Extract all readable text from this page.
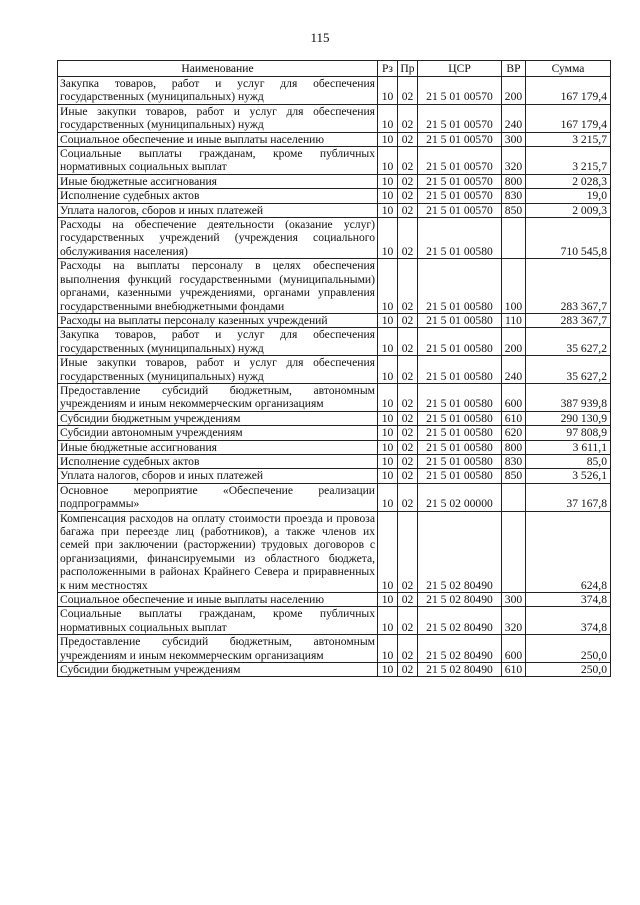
115
Наименование	Рз	Пр	ЦСР	ВР	Сумма
Закупка товаров, работ и услуг для обеспечения государственных (муниципальных) нужд	10	02	21 5 01 00570	200	167 179,4
Иные закупки товаров, работ и услуг для обеспечения государственных (муниципальных) нужд	10	02	21 5 01 00570	240	167 179,4
Социальное обеспечение и иные выплаты населению	10	02	21 5 01 00570	300	3 215,7
Социальные выплаты гражданам, кроме публичных нормативных социальных выплат	10	02	21 5 01 00570	320	3 215,7
Иные бюджетные ассигнования	10	02	21 5 01 00570	800	2 028,3
Исполнение судебных актов	10	02	21 5 01 00570	830	19,0
Уплата налогов, сборов и иных платежей	10	02	21 5 01 00570	850	2 009,3
Расходы на обеспечение деятельности (оказание услуг) государственных учреждений (учреждения социального обслуживания населения)	10	02	21 5 01 00580		710 545,8
Расходы на выплаты персоналу в целях обеспечения выполнения функций государственными (муниципальными) органами, казенными учреждениями, органами управления государственными внебюджетными фондами	10	02	21 5 01 00580	100	283 367,7
Расходы на выплаты персоналу казенных учреждений	10	02	21 5 01 00580	110	283 367,7
Закупка товаров, работ и услуг для обеспечения государственных (муниципальных) нужд	10	02	21 5 01 00580	200	35 627,2
Иные закупки товаров, работ и услуг для обеспечения государственных (муниципальных) нужд	10	02	21 5 01 00580	240	35 627,2
Предоставление субсидий бюджетным, автономным учреждениям и иным некоммерческим организациям	10	02	21 5 01 00580	600	387 939,8
Субсидии бюджетным учреждениям	10	02	21 5 01 00580	610	290 130,9
Субсидии автономным учреждениям	10	02	21 5 01 00580	620	97 808,9
Иные бюджетные ассигнования	10	02	21 5 01 00580	800	3 611,1
Исполнение судебных актов	10	02	21 5 01 00580	830	85,0
Уплата налогов, сборов и иных платежей	10	02	21 5 01 00580	850	3 526,1
Основное мероприятие «Обеспечение реализации подпрограммы»	10	02	21 5 02 00000		37 167,8
Компенсация расходов на оплату стоимости проезда и провоза багажа при переезде лиц (работников), а также членов их семей при заключении (расторжении) трудовых договоров с организациями, финансируемыми из областного бюджета, расположенными в районах Крайнего Севера и приравненных к ним местностях	10	02	21 5 02 80490		624,8
Социальное обеспечение и иные выплаты населению	10	02	21 5 02 80490	300	374,8
Социальные выплаты гражданам, кроме публичных нормативных социальных выплат	10	02	21 5 02 80490	320	374,8
Предоставление субсидий бюджетным, автономным учреждениям и иным некоммерческим организациям	10	02	21 5 02 80490	600	250,0
Субсидии бюджетным учреждениям	10	02	21 5 02 80490	610	250,0
